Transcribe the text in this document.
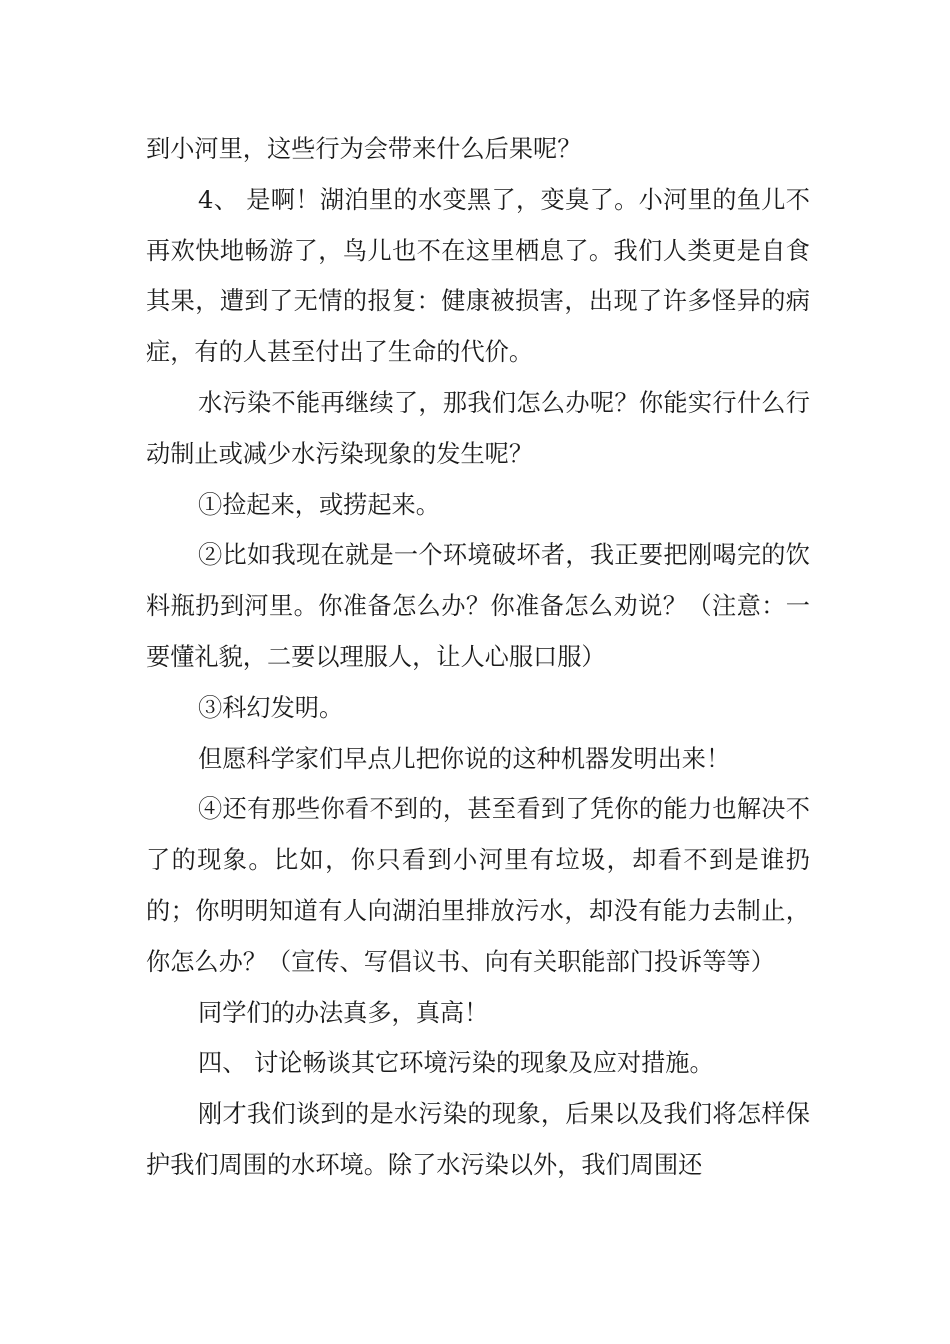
到小河里，这些行为会带来什么后果呢？

4、 是啊！湖泊里的水变黑了，变臭了。小河里的鱼儿不再欢快地畅游了，鸟儿也不在这里栖息了。我们人类更是自食其果，遭到了无情的报复：健康被损害，出现了许多怪异的病症，有的人甚至付出了生命的代价。

水污染不能再继续了，那我们怎么办呢？你能实行什么行动制止或减少水污染现象的发生呢？

①捡起来，或捞起来。

②比如我现在就是一个环境破坏者，我正要把刚喝完的饮料瓶扔到河里。你准备怎么办？你准备怎么劝说？（注意：一要懂礼貌，二要以理服人，让人心服口服）

③科幻发明。

但愿科学家们早点儿把你说的这种机器发明出来！

④还有那些你看不到的，甚至看到了凭你的能力也解决不了的现象。比如，你只看到小河里有垃圾，却看不到是谁扔的；你明明知道有人向湖泊里排放污水，却没有能力去制止，你怎么办？（宣传、写倡议书、向有关职能部门投诉等等）

同学们的办法真多，真高！

四、 讨论畅谈其它环境污染的现象及应对措施。

刚才我们谈到的是水污染的现象，后果以及我们将怎样保护我们周围的水环境。除了水污染以外，我们周围还
